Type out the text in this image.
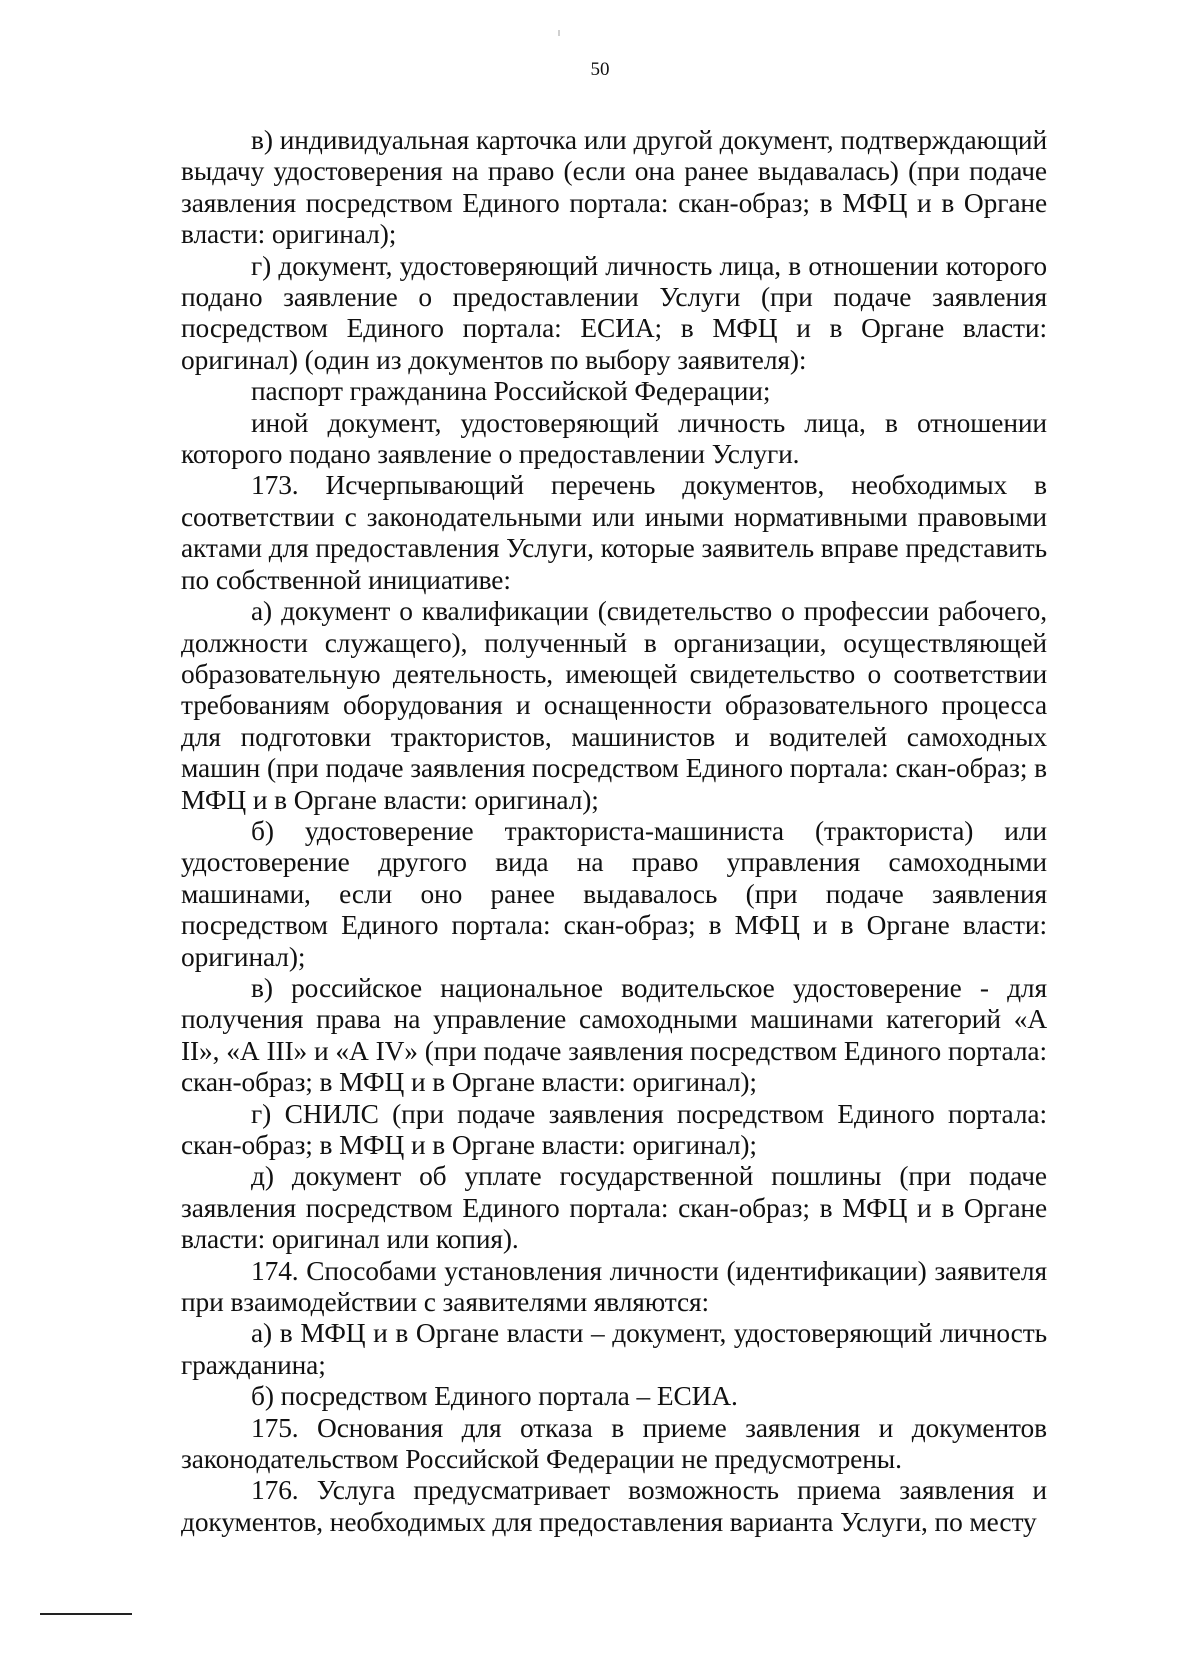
50

в) индивидуальная карточка или другой документ, подтверждающий выдачу удостоверения на право (если она ранее выдавалась) (при подаче заявления посредством Единого портала: скан-образ; в МФЦ и в Органе власти: оригинал);

г) документ, удостоверяющий личность лица, в отношении которого подано заявление о предоставлении Услуги (при подаче заявления посредством Единого портала: ЕСИА; в МФЦ и в Органе власти: оригинал) (один из документов по выбору заявителя):

паспорт гражданина Российской Федерации;

иной документ, удостоверяющий личность лица, в отношении которого подано заявление о предоставлении Услуги.

173. Исчерпывающий перечень документов, необходимых в соответствии с законодательными или иными нормативными правовыми актами для предоставления Услуги, которые заявитель вправе представить по собственной инициативе:

а) документ о квалификации (свидетельство о профессии рабочего, должности служащего), полученный в организации, осуществляющей образовательную деятельность, имеющей свидетельство о соответствии требованиям оборудования и оснащенности образовательного процесса для подготовки трактористов, машинистов и водителей самоходных машин (при подаче заявления посредством Единого портала: скан-образ; в МФЦ и в Органе власти: оригинал);

б) удостоверение тракториста-машиниста (тракториста) или удостоверение другого вида на право управления самоходными машинами, если оно ранее выдавалось (при подаче заявления посредством Единого портала: скан-образ; в МФЦ и в Органе власти: оригинал);

в) российское национальное водительское удостоверение - для получения права на управление самоходными машинами категорий «А II», «А III» и «А IV» (при подаче заявления посредством Единого портала: скан-образ; в МФЦ и в Органе власти: оригинал);

г) СНИЛС (при подаче заявления посредством Единого портала: скан-образ; в МФЦ и в Органе власти: оригинал);

д) документ об уплате государственной пошлины (при подаче заявления посредством Единого портала: скан-образ; в МФЦ и в Органе власти: оригинал или копия).

174. Способами установления личности (идентификации) заявителя при взаимодействии с заявителями являются:

а) в МФЦ и в Органе власти – документ, удостоверяющий личность гражданина;

б) посредством Единого портала – ЕСИА.

175. Основания для отказа в приеме заявления и документов законодательством Российской Федерации не предусмотрены.

176. Услуга предусматривает возможность приема заявления и документов, необходимых для предоставления варианта Услуги, по месту
